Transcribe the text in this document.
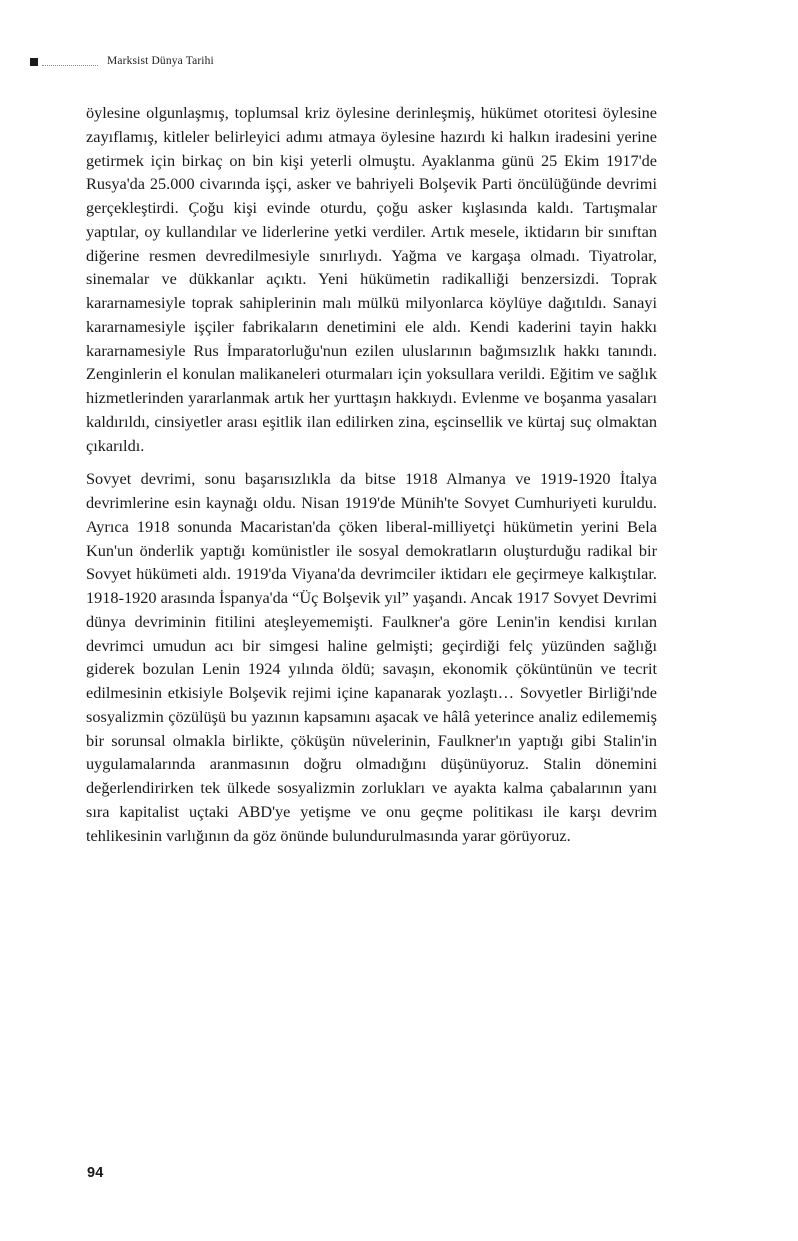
Marksist Dünya Tarihi

öylesine olgunlaşmış, toplumsal kriz öylesine derinleşmiş, hükümet otoritesi öylesine zayıflamış, kitleler belirleyici adımı atmaya öylesine hazırdı ki halkın iradesini yerine getirmek için birkaç on bin kişi yeterli olmuştu. Ayaklanma günü 25 Ekim 1917'de Rusya'da 25.000 civarında işçi, asker ve bahriyeli Bolşevik Parti öncülüğünde devrimi gerçekleştirdi. Çoğu kişi evinde oturdu, çoğu asker kışlasında kaldı. Tartışmalar yaptılar, oy kullandılar ve liderlerine yetki verdiler. Artık mesele, iktidarın bir sınıftan diğerine resmen devredilmesiyle sınırlıydı. Yağma ve kargaşa olmadı. Tiyatrolar, sinemalar ve dükkanlar açıktı. Yeni hükümetin radikalliği benzersizdi. Toprak kararnamesiyle toprak sahiplerinin malı mülkü milyonlarca köylüye dağıtıldı. Sanayi kararnamesiyle işçiler fabrikaların denetimini ele aldı. Kendi kaderini tayin hakkı kararnamesiyle Rus İmparatorluğu'nun ezilen uluslarının bağımsızlık hakkı tanındı. Zenginlerin el konulan malikaneleri oturmaları için yoksullara verildi. Eğitim ve sağlık hizmetlerinden yararlanmak artık her yurttaşın hakkıydı. Evlenme ve boşanma yasaları kaldırıldı, cinsiyetler arası eşitlik ilan edilirken zina, eşcinsellik ve kürtaj suç olmaktan çıkarıldı.

Sovyet devrimi, sonu başarısızlıkla da bitse 1918 Almanya ve 1919-1920 İtalya devrimlerine esin kaynağı oldu. Nisan 1919'de Münih'te Sovyet Cumhuriyeti kuruldu. Ayrıca 1918 sonunda Macaristan'da çöken liberal-milliyetçi hükümetin yerini Bela Kun'un önderlik yaptığı komünistler ile sosyal demokratların oluşturduğu radikal bir Sovyet hükümeti aldı. 1919'da Viyana'da devrimciler iktidarı ele geçirmeye kalkıştılar. 1918-1920 arasında İspanya'da “Üç Bolşevik yıl” yaşandı. Ancak 1917 Sovyet Devrimi dünya devriminin fitilini ateşleyememişti. Faulkner'a göre Lenin'in kendisi kırılan devrimci umudun acı bir simgesi haline gelmişti; geçirdiği felç yüzünden sağlığı giderek bozulan Lenin 1924 yılında öldü; savaşın, ekonomik çöküntünün ve tecrit edilmesinin etkisiyle Bolşevik rejimi içine kapanarak yozlaştı… Sovyetler Birliği'nde sosyalizmin çözülüşü bu yazının kapsamını aşacak ve hâlâ yeterince analiz edilememiş bir sorunsal olmakla birlikte, çöküşün nüvelerinin, Faulkner'ın yaptığı gibi Stalin'in uygulamalarında aranmasının doğru olmadığını düşünüyoruz. Stalin dönemini değerlendirirken tek ülkede sosyalizmin zorlukları ve ayakta kalma çabalarının yanı sıra kapitalist uçtaki ABD'ye yetişme ve onu geçme politikası ile karşı devrim tehlikesinin varlığının da göz önünde bulundurulmasında yarar görüyoruz.

94
